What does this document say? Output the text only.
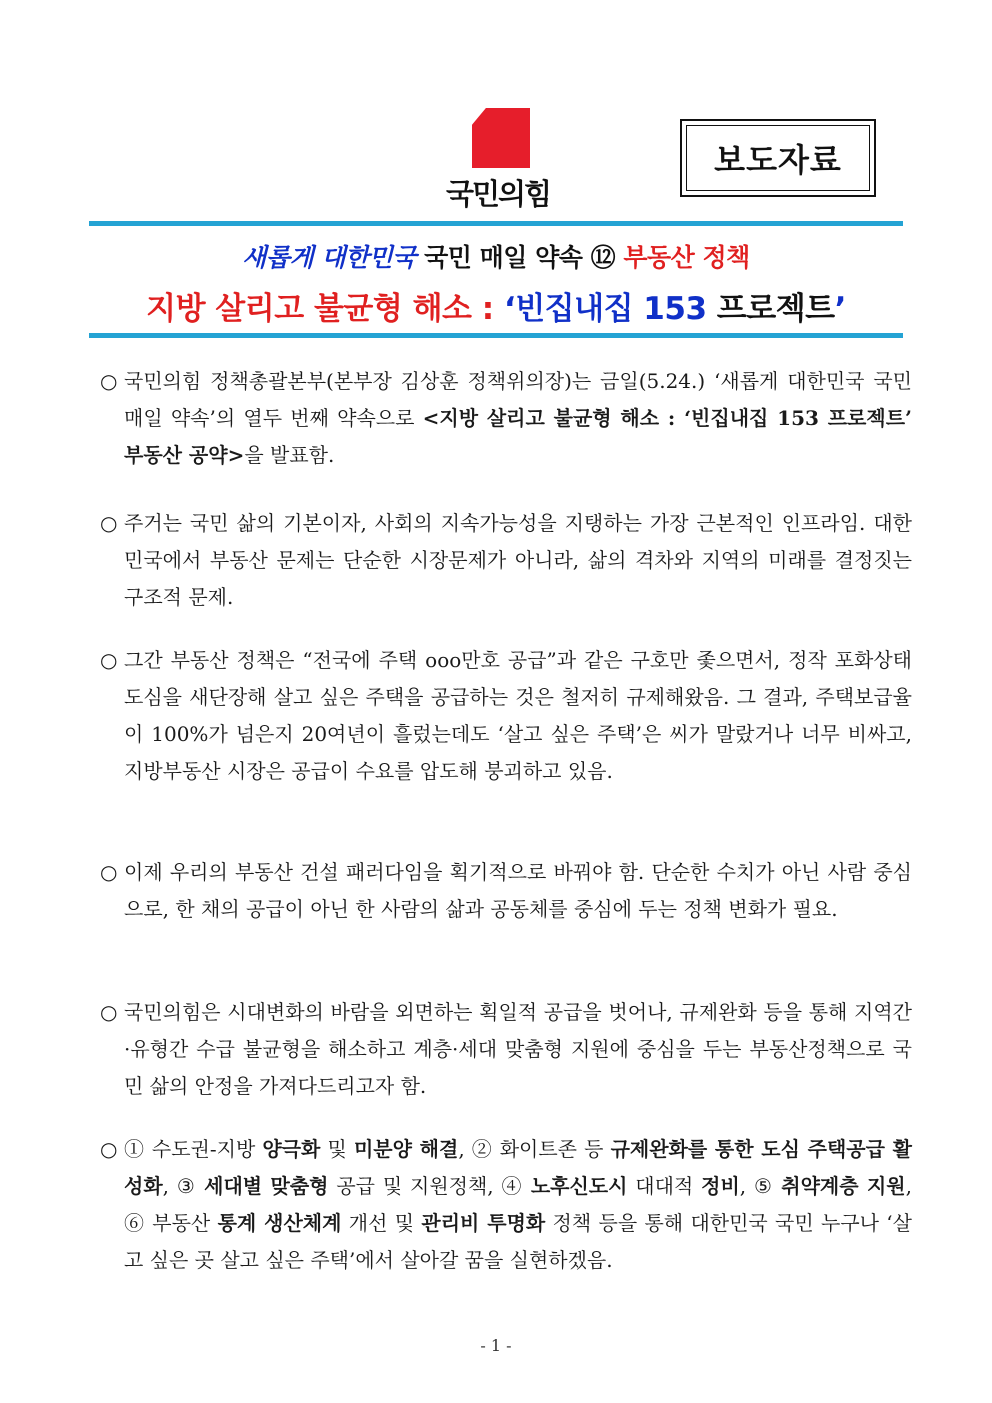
국민의힘
보도자료
새롭게 대한민국 국민 매일 약속 ⑫ 부동산 정책
지방 살리고 불균형 해소 : ‘빈집내집 153 프로젝트’
○ 국민의힘 정책총괄본부(본부장 김상훈 정책위의장)는 금일(5.24.) ‘새롭게 대한민국 국민 매일 약속’의 열두 번째 약속으로 <지방 살리고 불균형 해소 : ‘빈집내집 153 프로젝트’ 부동산 공약>을 발표함.
○ 주거는 국민 삶의 기본이자, 사회의 지속가능성을 지탱하는 가장 근본적인 인프라임. 대한민국에서 부동산 문제는 단순한 시장문제가 아니라, 삶의 격차와 지역의 미래를 결정짓는 구조적 문제.
○ 그간 부동산 정책은 “전국에 주택 ooo만호 공급”과 같은 구호만 좇으면서, 정작 포화상태 도심을 새단장해 살고 싶은 주택을 공급하는 것은 철저히 규제해왔음. 그 결과, 주택보급율이 100%가 넘은지 20여년이 흘렀는데도 ‘살고 싶은 주택’은 씨가 말랐거나 너무 비싸고, 지방부동산 시장은 공급이 수요를 압도해 붕괴하고 있음.
○ 이제 우리의 부동산 건설 패러다임을 획기적으로 바꿔야 함. 단순한 수치가 아닌 사람 중심으로, 한 채의 공급이 아닌 한 사람의 삶과 공동체를 중심에 두는 정책 변화가 필요.
○ 국민의힘은 시대변화의 바람을 외면하는 획일적 공급을 벗어나, 규제완화 등을 통해 지역간·유형간 수급 불균형을 해소하고 계층·세대 맞춤형 지원에 중심을 두는 부동산정책으로 국민 삶의 안정을 가져다드리고자 함.
○ ① 수도권-지방 양극화 및 미분양 해결, ② 화이트존 등 규제완화를 통한 도심 주택공급 활성화, ③ 세대별 맞춤형 공급 및 지원정책, ④ 노후신도시 대대적 정비, ⑤ 취약계층 지원, ⑥ 부동산 통계 생산체계 개선 및 관리비 투명화 정책 등을 통해 대한민국 국민 누구나 ‘살고 싶은 곳 살고 싶은 주택’에서 살아갈 꿈을 실현하겠음.
- 1 -
